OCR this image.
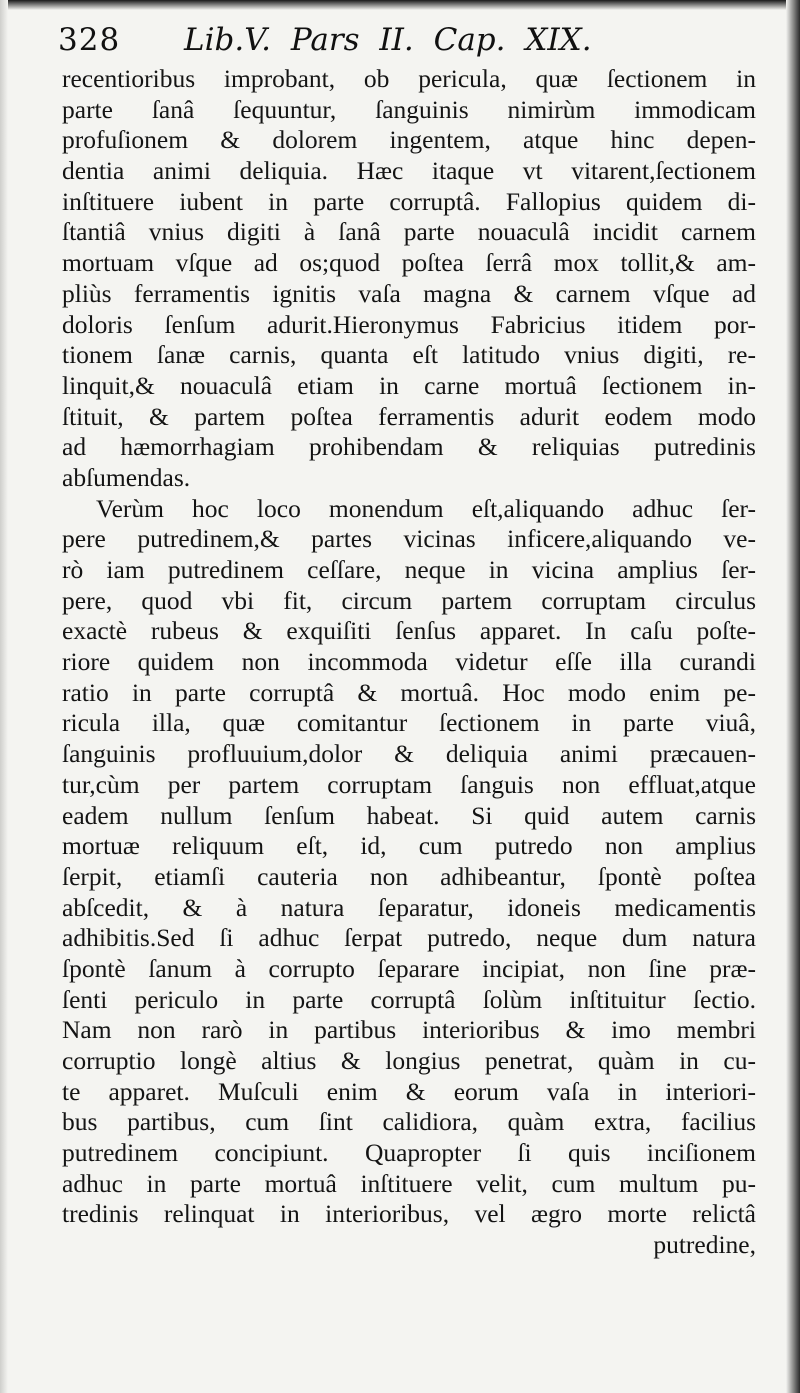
328 Lib.V. Pars II. Cap. XIX.
recentioribus improbant, ob pericula, quæ ſectionem in
parte ſanâ ſequuntur, ſanguinis nimirùm immodicam
profuſionem & dolorem ingentem, atque hinc depen-
dentia animi deliquia. Hæc itaque vt vitarent,ſectionem
inſtituere iubent in parte corruptâ. Fallopius quidem di-
ſtantiâ vnius digiti à ſanâ parte nouaculâ incidit carnem
mortuam vſque ad os;quod poſtea ſerrâ mox tollit,& am-
pliùs ferramentis ignitis vaſa magna & carnem vſque ad
doloris ſenſum adurit.Hieronymus Fabricius itidem por-
tionem ſanæ carnis, quanta eſt latitudo vnius digiti, re-
linquit,& nouaculâ etiam in carne mortuâ ſectionem in-
ſtituit, & partem poſtea ferramentis adurit eodem modo
ad hæmorrhagiam prohibendam & reliquias putredinis
abſumendas.
Verùm hoc loco monendum eſt,aliquando adhuc ſer-
pere putredinem,& partes vicinas inficere,aliquando ve-
rò iam putredinem ceſſare, neque in vicina amplius ſer-
pere, quod vbi fit, circum partem corruptam circulus
exactè rubeus & exquiſiti ſenſus apparet. In caſu poſte-
riore quidem non incommoda videtur eſſe illa curandi
ratio in parte corruptâ & mortuâ. Hoc modo enim pe-
ricula illa, quæ comitantur ſectionem in parte viuâ,
ſanguinis profluuium,dolor & deliquia animi præcauen-
tur,cùm per partem corruptam ſanguis non effluat,atque
eadem nullum ſenſum habeat. Si quid autem carnis
mortuæ reliquum eſt, id, cum putredo non amplius
ſerpit, etiamſi cauteria non adhibeantur, ſpontè poſtea
abſcedit, & à natura ſeparatur, idoneis medicamentis
adhibitis.Sed ſi adhuc ſerpat putredo, neque dum natura
ſpontè ſanum à corrupto ſeparare incipiat, non ſine præ-
ſenti periculo in parte corruptâ ſolùm inſtituitur ſectio.
Nam non rarò in partibus interioribus & imo membri
corruptio longè altius & longius penetrat, quàm in cu-
te apparet. Muſculi enim & eorum vaſa in interiori-
bus partibus, cum ſint calidiora, quàm extra, facilius
putredinem concipiunt. Quapropter ſi quis inciſionem
adhuc in parte mortuâ inſtituere velit, cum multum pu-
tredinis relinquat in interioribus, vel ægro morte relictâ
putredine,
